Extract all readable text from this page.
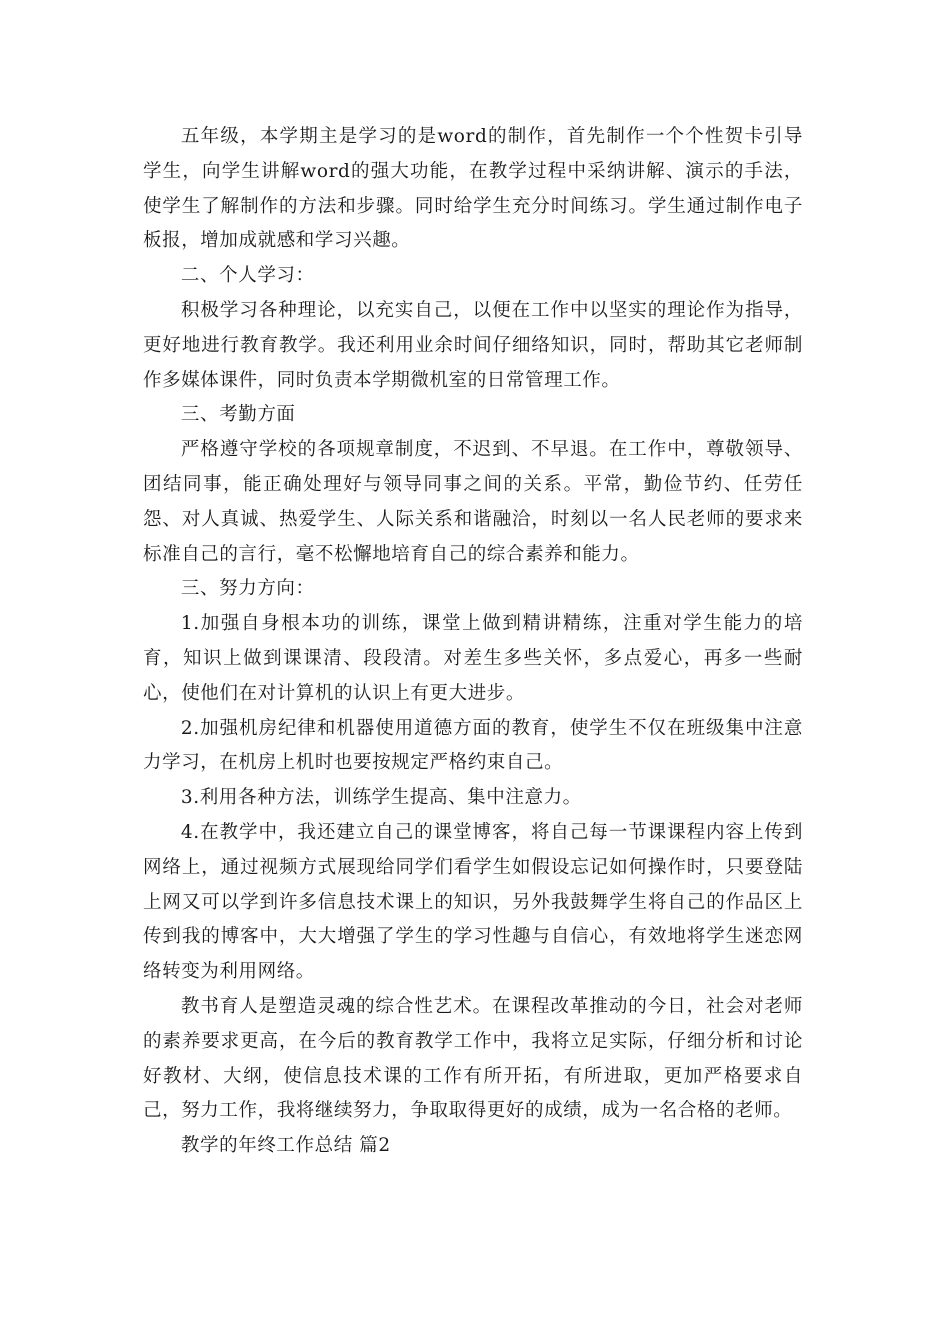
五年级，本学期主是学习的是word的制作，首先制作一个个性贺卡引导学生，向学生讲解word的强大功能，在教学过程中采纳讲解、演示的手法，使学生了解制作的方法和步骤。同时给学生充分时间练习。学生通过制作电子板报，增加成就感和学习兴趣。

二、个人学习：

积极学习各种理论，以充实自己，以便在工作中以坚实的理论作为指导，更好地进行教育教学。我还利用业余时间仔细络知识，同时，帮助其它老师制作多媒体课件，同时负责本学期微机室的日常管理工作。

三、考勤方面

严格遵守学校的各项规章制度，不迟到、不早退。在工作中，尊敬领导、团结同事，能正确处理好与领导同事之间的关系。平常，勤俭节约、任劳任怨、对人真诚、热爱学生、人际关系和谐融洽，时刻以一名人民老师的要求来标准自己的言行，毫不松懈地培育自己的综合素养和能力。

三、努力方向：

1.加强自身根本功的训练，课堂上做到精讲精练，注重对学生能力的培育，知识上做到课课清、段段清。对差生多些关怀，多点爱心，再多一些耐心，使他们在对计算机的认识上有更大进步。

2.加强机房纪律和机器使用道德方面的教育，使学生不仅在班级集中注意力学习，在机房上机时也要按规定严格约束自己。

3.利用各种方法，训练学生提高、集中注意力。

4.在教学中，我还建立自己的课堂博客，将自己每一节课课程内容上传到网络上，通过视频方式展现给同学们看学生如假设忘记如何操作时，只要登陆上网又可以学到许多信息技术课上的知识，另外我鼓舞学生将自己的作品区上传到我的博客中，大大增强了学生的学习性趣与自信心，有效地将学生迷恋网络转变为利用网络。

教书育人是塑造灵魂的综合性艺术。在课程改革推动的今日，社会对老师的素养要求更高，在今后的教育教学工作中，我将立足实际，仔细分析和讨论好教材、大纲，使信息技术课的工作有所开拓，有所进取，更加严格要求自己，努力工作，我将继续努力，争取取得更好的成绩，成为一名合格的老师。

教学的年终工作总结 篇2
